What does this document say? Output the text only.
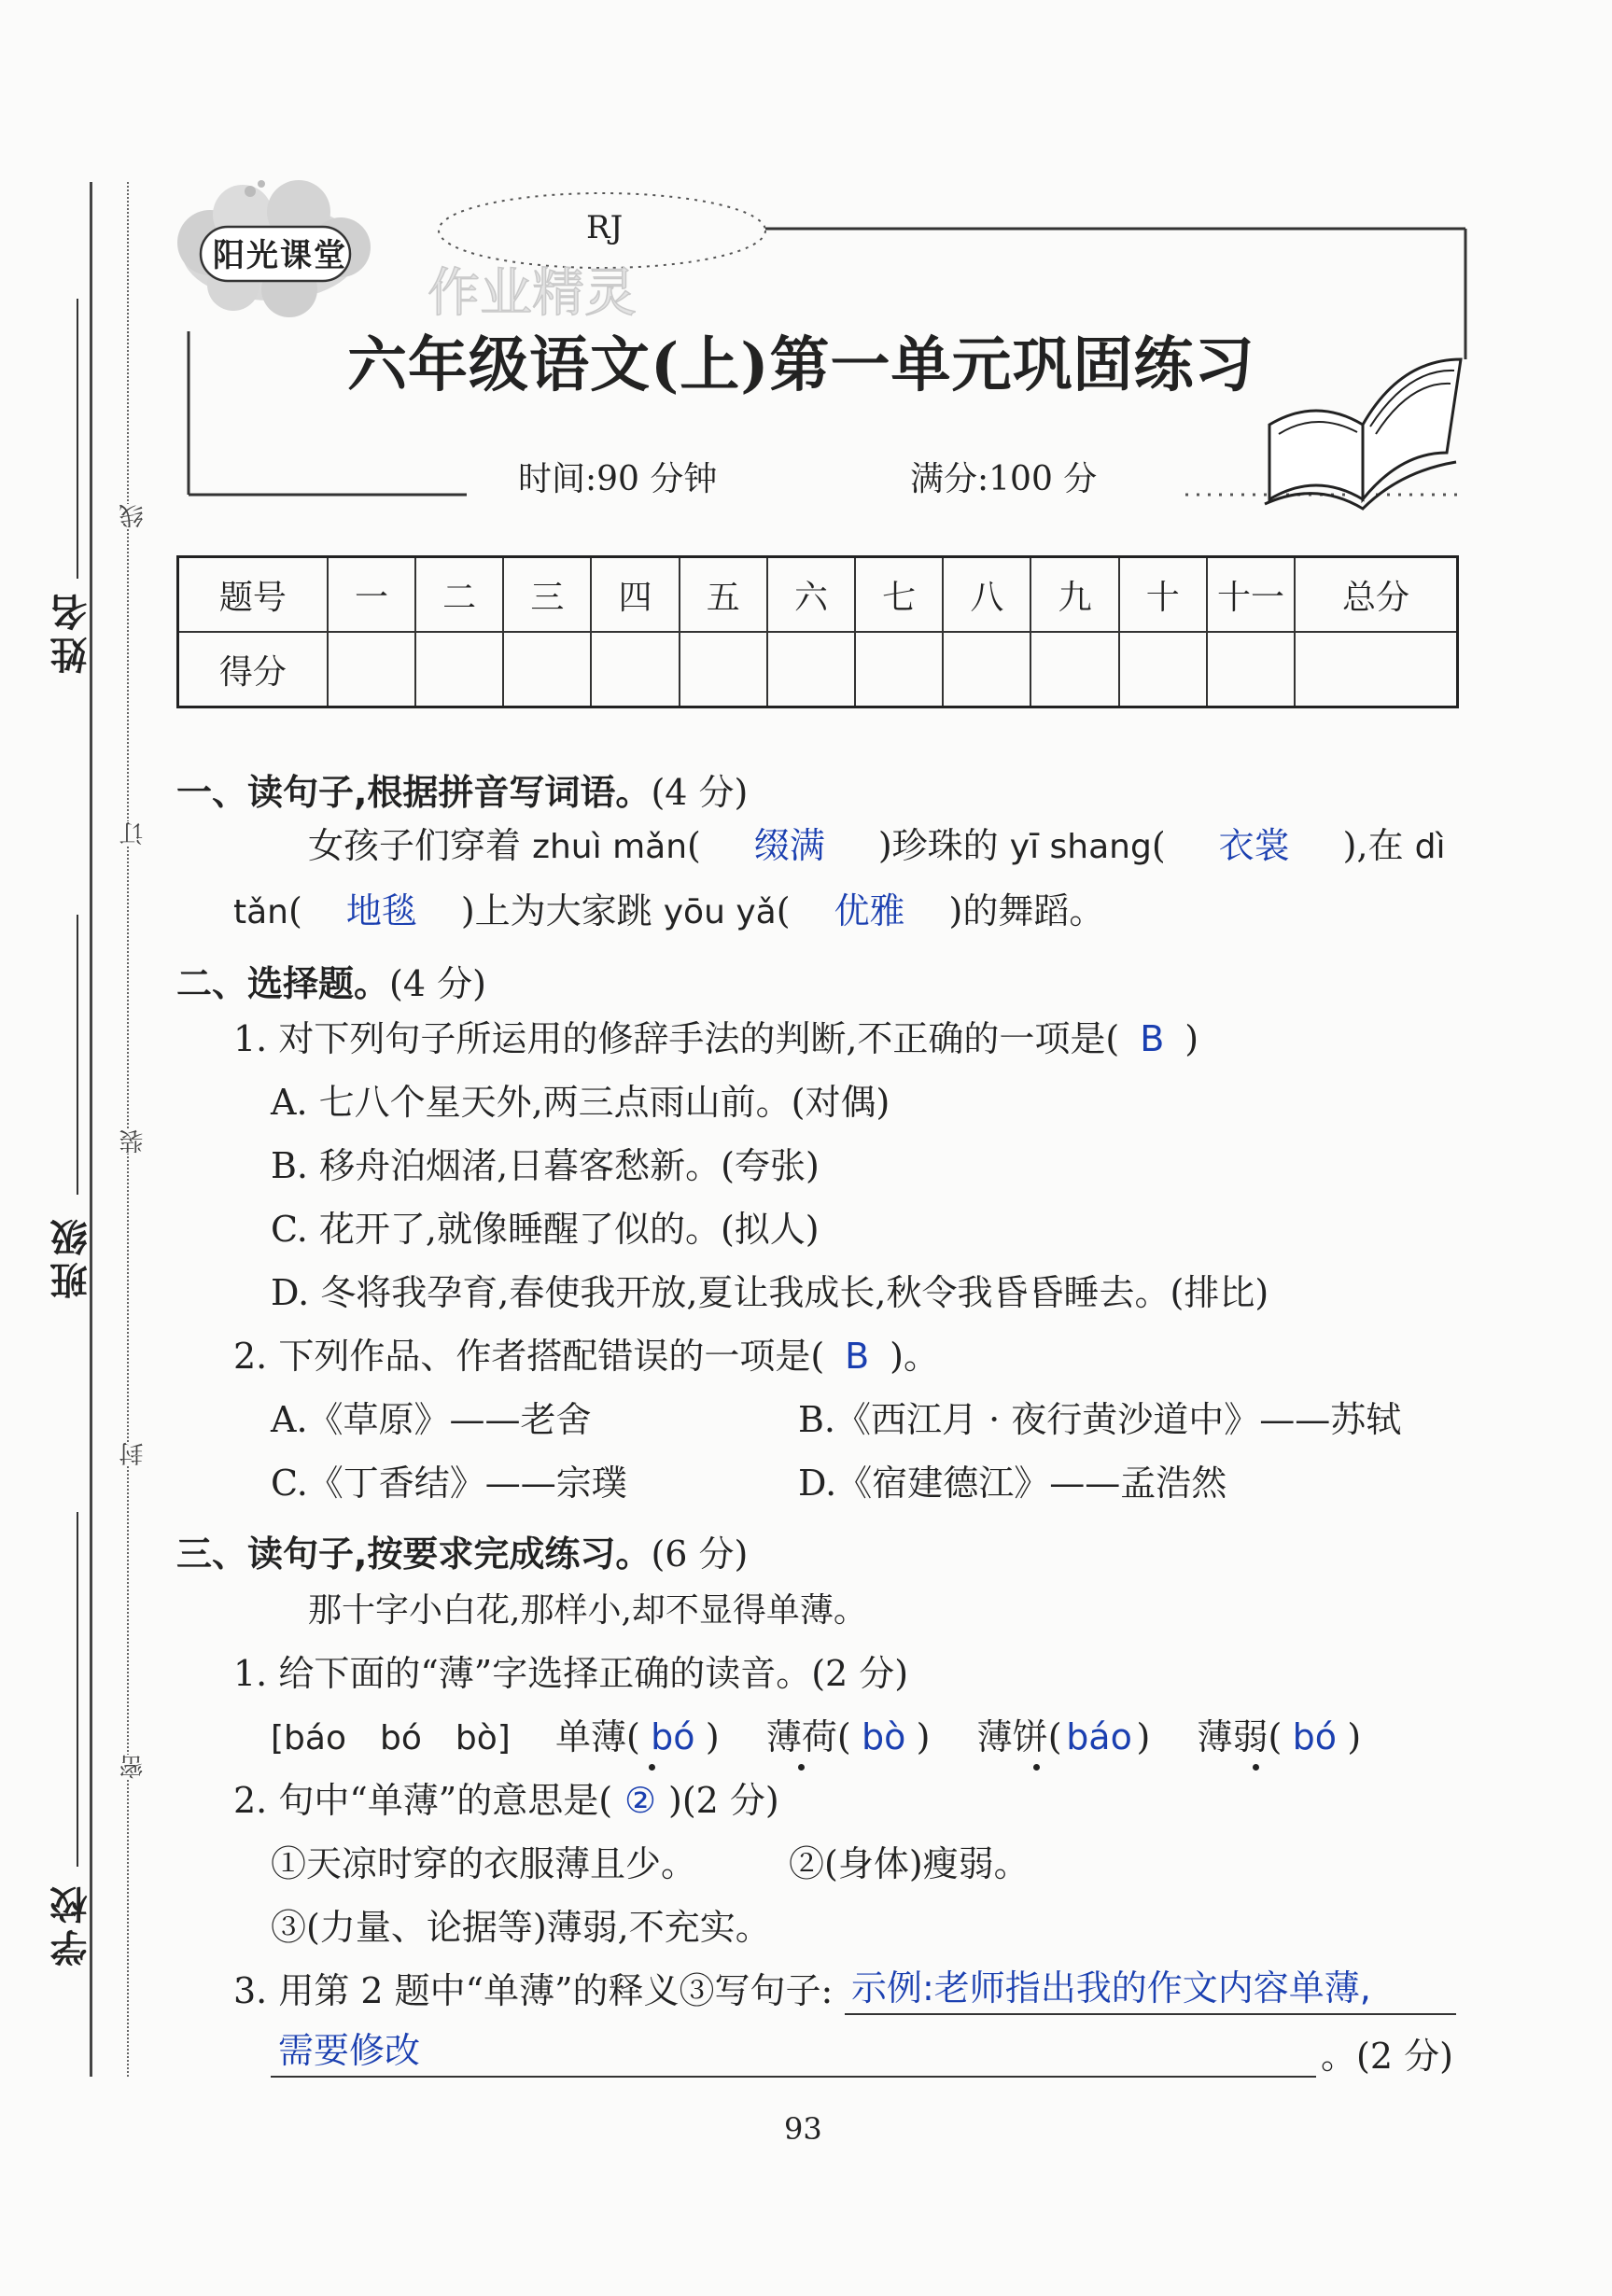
姓名
班级
学校
线
订
装
封
密
阳光课堂
RJ
作业精灵
六年级语文(上)第一单元巩固练习
时间:90 分钟	满分:100 分
题号	一	二	三	四	五	六	七	八	九	十	十一	总分
得分												
一、读句子,根据拼音写词语。(4 分)
女孩子们穿着 zhuì mǎn( 缀满 )珍珠的 yī shang( 衣裳 ),在 dì
tǎn( 地毯 )上为大家跳 yōu yǎ( 优雅 )的舞蹈。
二、选择题。(4 分)
1. 对下列句子所运用的修辞手法的判断,不正确的一项是( B )
A. 七八个星天外,两三点雨山前。(对偶)
B. 移舟泊烟渚,日暮客愁新。(夸张)
C. 花开了,就像睡醒了似的。(拟人)
D. 冬将我孕育,春使我开放,夏让我成长,秋令我昏昏睡去。(排比)
2. 下列作品、作者搭配错误的一项是( B )。
A.《草原》——老舍	B.《西江月 · 夜行黄沙道中》——苏轼
C.《丁香结》——宗璞	D.《宿建德江》——孟浩然
三、读句子,按要求完成练习。(6 分)
那十字小白花,那样小,却不显得单薄。
1. 给下面的“薄”字选择正确的读音。(2 分)
[báo　bó　bò] 单薄( bó )  薄荷( bò )  薄饼( báo )  薄弱( bó )
2. 句中“单薄”的意思是( ② )(2 分)
①天凉时穿的衣服薄且少。	②(身体)瘦弱。
③(力量、论据等)薄弱,不充实。
3. 用第 2 题中“单薄”的释义③写句子: 示例:老师指出我的作文内容单薄,
需要修改	。(2 分)
93
